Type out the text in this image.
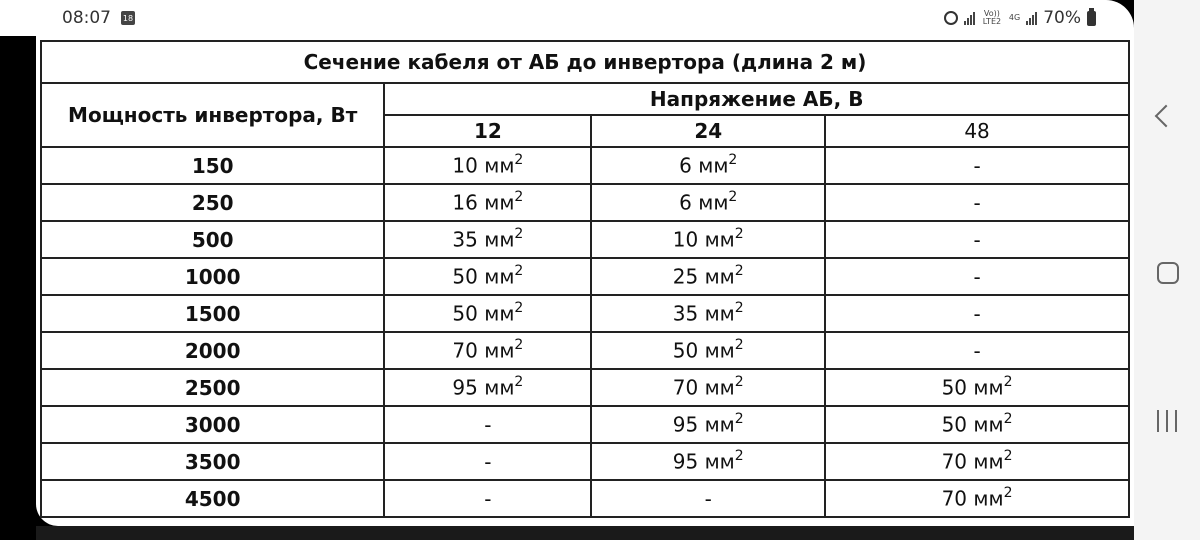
08:07 18
Vo)) LTE2 4G 70%
Сечение кабеля от АБ до инвертора (длина 2 м)			
Мощность инвертора, Вт	Напряжение АБ, В		
	12	24	48
150	10 $мм^2$	6 $мм^2$	-
250	16 $мм^2$	6 $мм^2$	-
500	35 $мм^2$	10 $мм^2$	-
1000	50 $мм^2$	25 $мм^2$	-
1500	50 $мм^2$	35 $мм^2$	-
2000	70 $мм^2$	50 $мм^2$	-
2500	95 $мм^2$	70 $мм^2$	50 $мм^2$
3000	-	95 $мм^2$	50 $мм^2$
3500	-	95 $мм^2$	70 $мм^2$
4500	-	-	70 $мм^2$
